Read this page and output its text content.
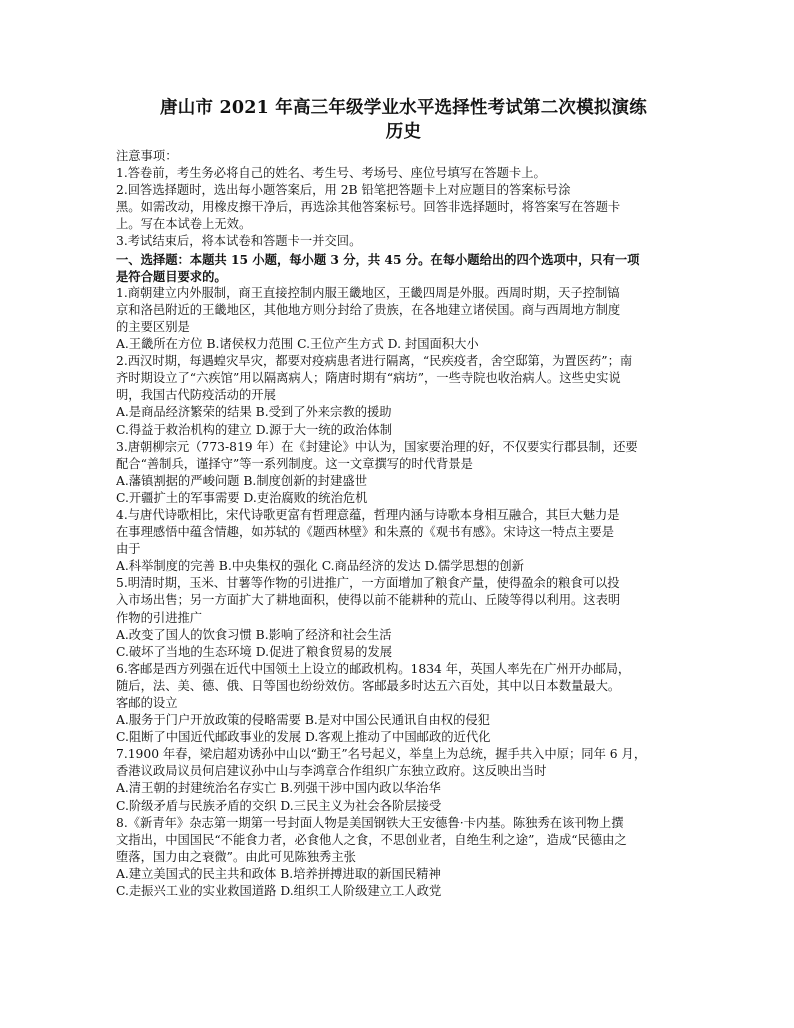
唐山市 2021 年高三年级学业水平选择性考试第二次模拟演练
历史
注意事项：
1.答卷前，考生务必将自己的姓名、考生号、考场号、座位号填写在答题卡上。
2.回答选择题时，选出每小题答案后，用 2B 铅笔把答题卡上对应题目的答案标号涂
黑。如需改动，用橡皮擦干净后，再选涂其他答案标号。回答非选择题时，将答案写在答题卡
上。写在本试卷上无效。
3.考试结束后，将本试卷和答题卡一并交回。
一、选择题：本题共 15 小题，每小题 3 分，共 45 分。在每小题给出的四个选项中，只有一项
是符合题目要求的。
1.商朝建立内外服制，商王直接控制内服王畿地区，王畿四周是外服。西周时期，天子控制镐
京和洛邑附近的王畿地区，其他地方则分封给了贵族，在各地建立诸侯国。商与西周地方制度
的主要区别是
A.王畿所在方位 B.诸侯权力范围 C.王位产生方式 D. 封国面积大小
2.西汉时期，每遇蝗灾旱灾，都要对疫病患者进行隔离，“民疾疫者，舍空邸第，为置医药”；南
齐时期设立了“六疾馆”用以隔离病人；隋唐时期有“病坊”，一些寺院也收治病人。这些史实说
明，我国古代防疫活动的开展
A.是商品经济繁荣的结果 B.受到了外来宗教的援助
C.得益于救治机构的建立 D.源于大一统的政治体制
3.唐朝柳宗元（773-819 年）在《封建论》中认为，国家要治理的好，不仅要实行郡县制，还要
配合“善制兵，谨择守”等一系列制度。这一文章撰写的时代背景是
A.藩镇割据的严峻问题 B.制度创新的封建盛世
C.开疆扩土的军事需要 D.吏治腐败的统治危机
4.与唐代诗歌相比，宋代诗歌更富有哲理意蕴，哲理内涵与诗歌本身相互融合，其巨大魅力是
在事理感悟中蕴含情趣，如苏轼的《题西林壁》和朱熹的《观书有感》。宋诗这一特点主要是
由于
A.科举制度的完善 B.中央集权的强化 C.商品经济的发达 D.儒学思想的创新
5.明清时期，玉米、甘薯等作物的引进推广，一方面增加了粮食产量，使得盈余的粮食可以投
入市场出售；另一方面扩大了耕地面积，使得以前不能耕种的荒山、丘陵等得以利用。这表明
作物的引进推广
A.改变了国人的饮食习惯 B.影响了经济和社会生活
C.破坏了当地的生态环境 D.促进了粮食贸易的发展
6.客邮是西方列强在近代中国领土上设立的邮政机构。1834 年，英国人率先在广州开办邮局，
随后，法、美、德、俄、日等国也纷纷效仿。客邮最多时达五六百处，其中以日本数量最大。
客邮的设立
A.服务于门户开放政策的侵略需要 B.是对中国公民通讯自由权的侵犯
C.阻断了中国近代邮政事业的发展 D.客观上推动了中国邮政的近代化
7.1900 年春，梁启超劝诱孙中山以“勤王”名号起义，举皇上为总统，握手共入中原；同年 6 月，
香港议政局议员何启建议孙中山与李鸿章合作组织广东独立政府。这反映出当时
A.清王朝的封建统治名存实亡 B.列强干涉中国内政以华治华
C.阶级矛盾与民族矛盾的交织 D.三民主义为社会各阶层接受
8.《新青年》杂志第一期第一号封面人物是美国钢铁大王安德鲁·卡内基。陈独秀在该刊物上撰
文指出，中国国民“不能食力者，必食他人之食，不思创业者，自绝生利之途”，造成“民德由之
堕落，国力由之衰微”。由此可见陈独秀主张
A.建立美国式的民主共和政体 B.培养拼搏进取的新国民精神
C.走振兴工业的实业救国道路 D.组织工人阶级建立工人政党
